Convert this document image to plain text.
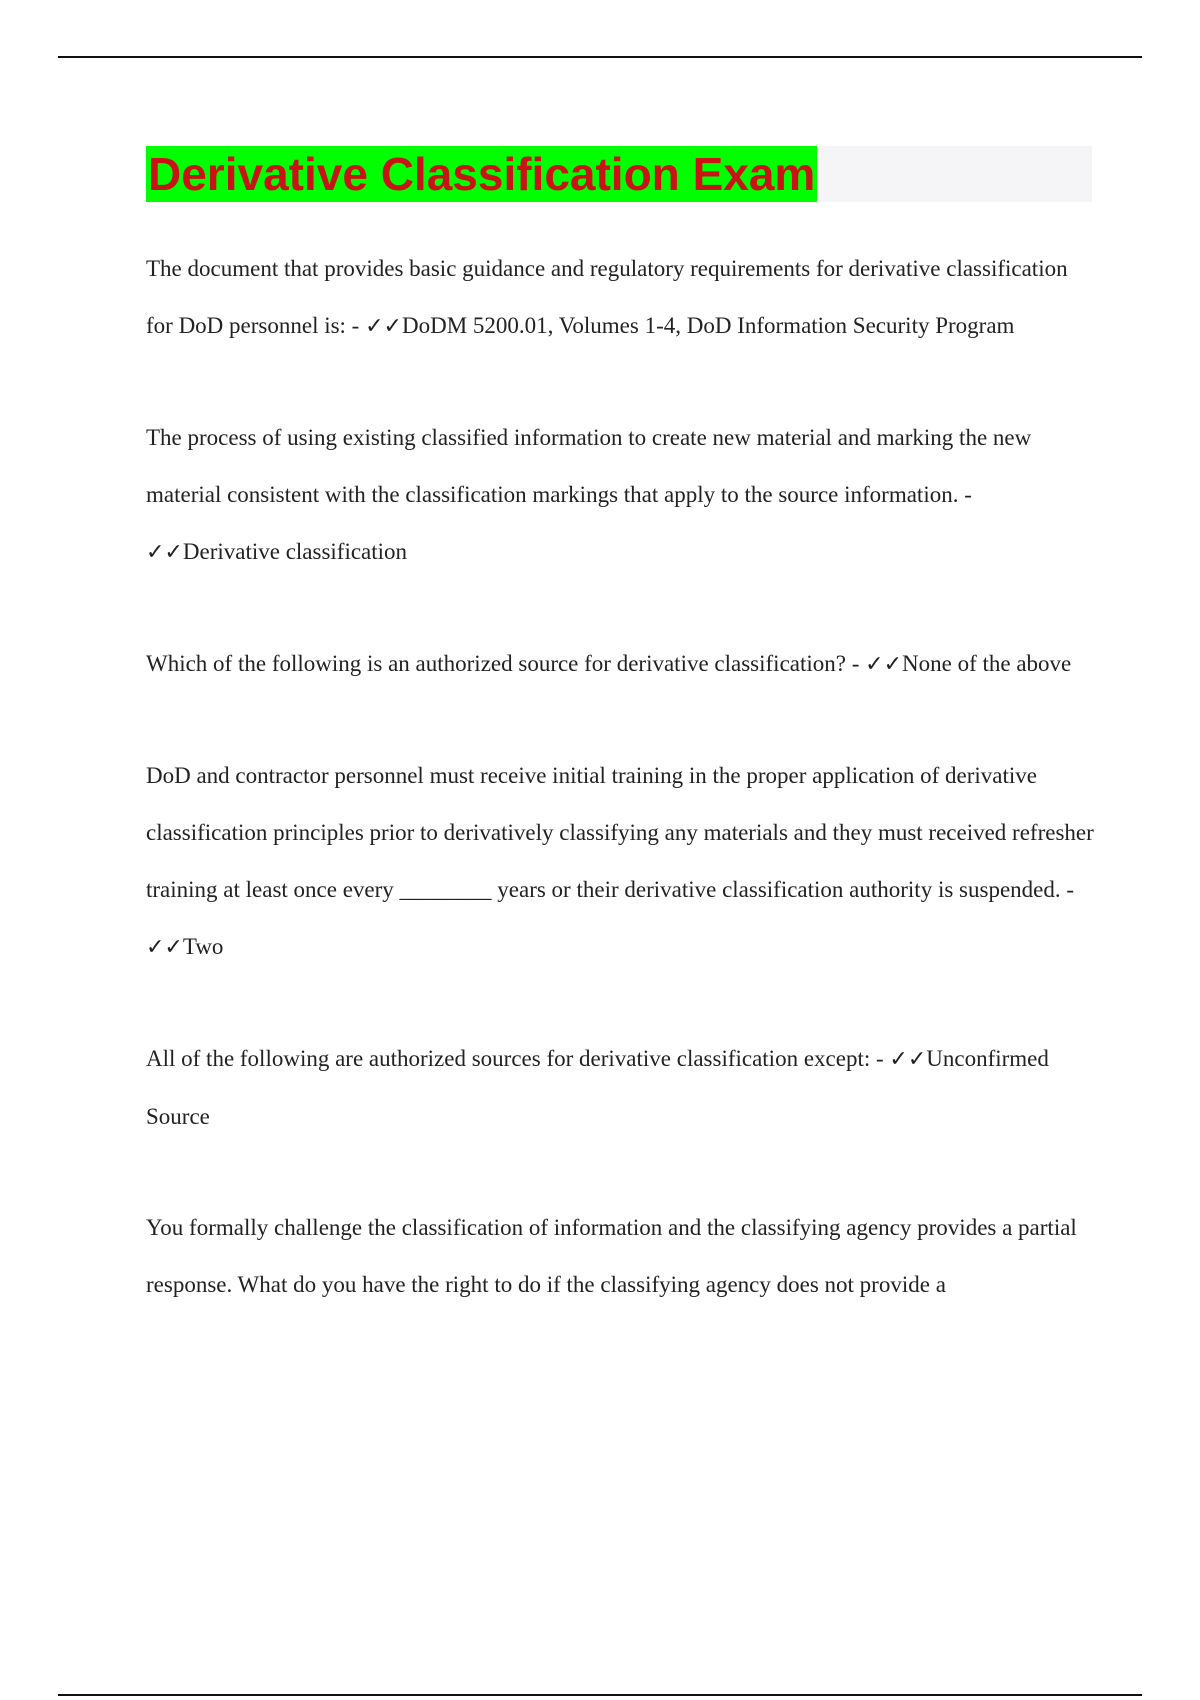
Derivative Classification Exam

The document that provides basic guidance and regulatory requirements for derivative classification for DoD personnel is: - ✓✓DoDM 5200.01, Volumes 1-4, DoD Information Security Program

The process of using existing classified information to create new material and marking the new material consistent with the classification markings that apply to the source information. - ✓✓Derivative classification

Which of the following is an authorized source for derivative classification? - ✓✓None of the above

DoD and contractor personnel must receive initial training in the proper application of derivative classification principles prior to derivatively classifying any materials and they must received refresher training at least once every ________ years or their derivative classification authority is suspended. - ✓✓Two

All of the following are authorized sources for derivative classification except: - ✓✓Unconfirmed Source

You formally challenge the classification of information and the classifying agency provides a partial response. What do you have the right to do if the classifying agency does not provide a
